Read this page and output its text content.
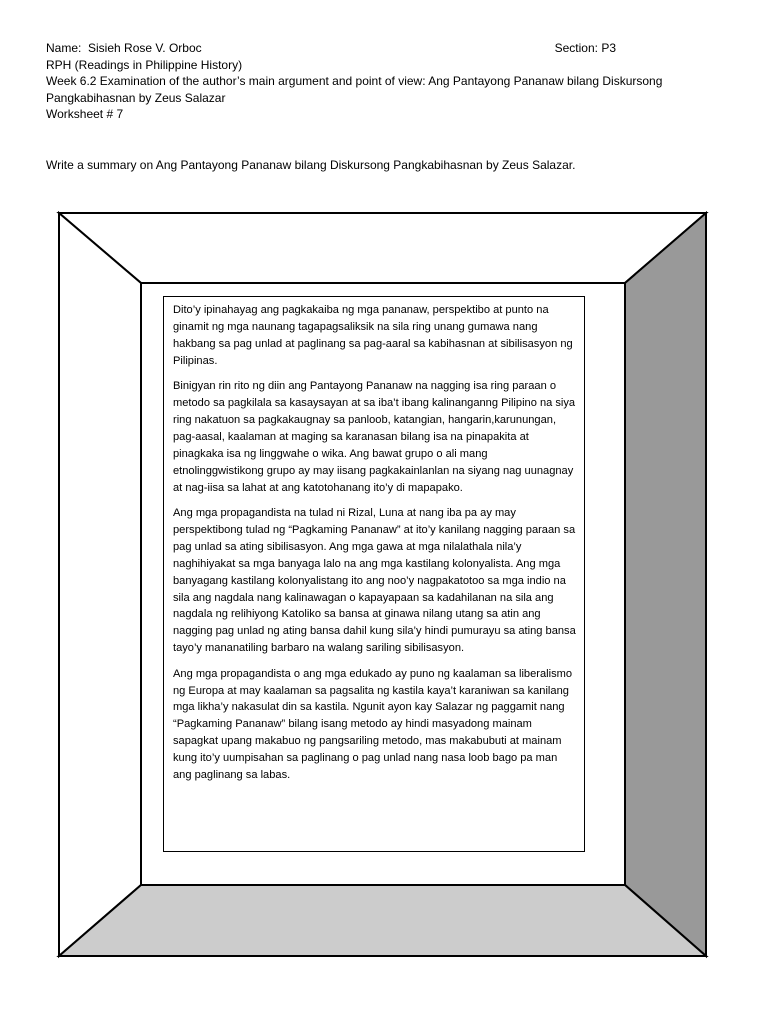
Name: Sisieh Rose V. Orboc	Section: P3
RPH (Readings in Philippine History)
Week 6.2 Examination of the author’s main argument and point of view: Ang Pantayong Pananaw bilang Diskursong Pangkabihasnan by Zeus Salazar
Worksheet # 7
Write a summary on Ang Pantayong Pananaw bilang Diskursong Pangkabihasnan by Zeus Salazar.

Dito’y ipinahayag ang pagkakaiba ng mga pananaw, perspektibo at punto na ginamit ng mga naunang tagapagsaliksik na sila ring unang gumawa nang hakbang sa pag unlad at paglinang sa pag-aaral sa kabihasnan at sibilisasyon ng Pilipinas.

Binigyan rin rito ng diin ang Pantayong Pananaw na nagging isa ring paraan o metodo sa pagkilala sa kasaysayan at sa iba’t ibang kalinanganng Pilipino na siya ring nakatuon sa pagkakaugnay sa panloob, katangian, hangarin,karunungan, pag-aasal, kaalaman at maging sa karanasan bilang isa na pinapakita at pinagkaka isa ng linggwahe o wika. Ang bawat grupo o ali mang etnolinggwistikong grupo ay may iisang pagkakainlanlan na siyang nag uunagnay at nag-iisa sa lahat at ang katotohanang ito’y di mapapako.

Ang mga propagandista na tulad ni Rizal, Luna at nang iba pa ay may perspektibong tulad ng “Pagkaming Pananaw” at ito’y kanilang nagging paraan sa pag unlad sa ating sibilisasyon. Ang mga gawa at mga nilalathala nila’y naghihiyakat sa mga banyaga lalo na ang mga kastilang kolonyalista. Ang mga banyagang kastilang kolonyalistang ito ang noo’y nagpakatotoo sa mga indio na sila ang nagdala nang kalinawagan o kapayapaan sa kadahilanan na sila ang nagdala ng relihiyong Katoliko sa bansa at ginawa nilang utang sa atin ang nagging pag unlad ng ating bansa dahil kung sila’y hindi pumurayu sa ating bansa tayo’y mananatiling barbaro na walang sariling sibilisasyon.

Ang mga propagandista o ang mga edukado ay puno ng kaalaman sa liberalismo ng Europa at may kaalaman sa pagsalita ng kastila kaya’t karaniwan sa kanilang mga likha’y nakasulat din sa kastila. Ngunit ayon kay Salazar ng paggamit nang “Pagkaming Pananaw” bilang isang metodo ay hindi masyadong mainam sapagkat upang makabuo ng pangsariling metodo, mas makabubuti at mainam kung ito’y uumpisahan sa paglinang o pag unlad nang nasa loob bago pa man ang paglinang sa labas.
